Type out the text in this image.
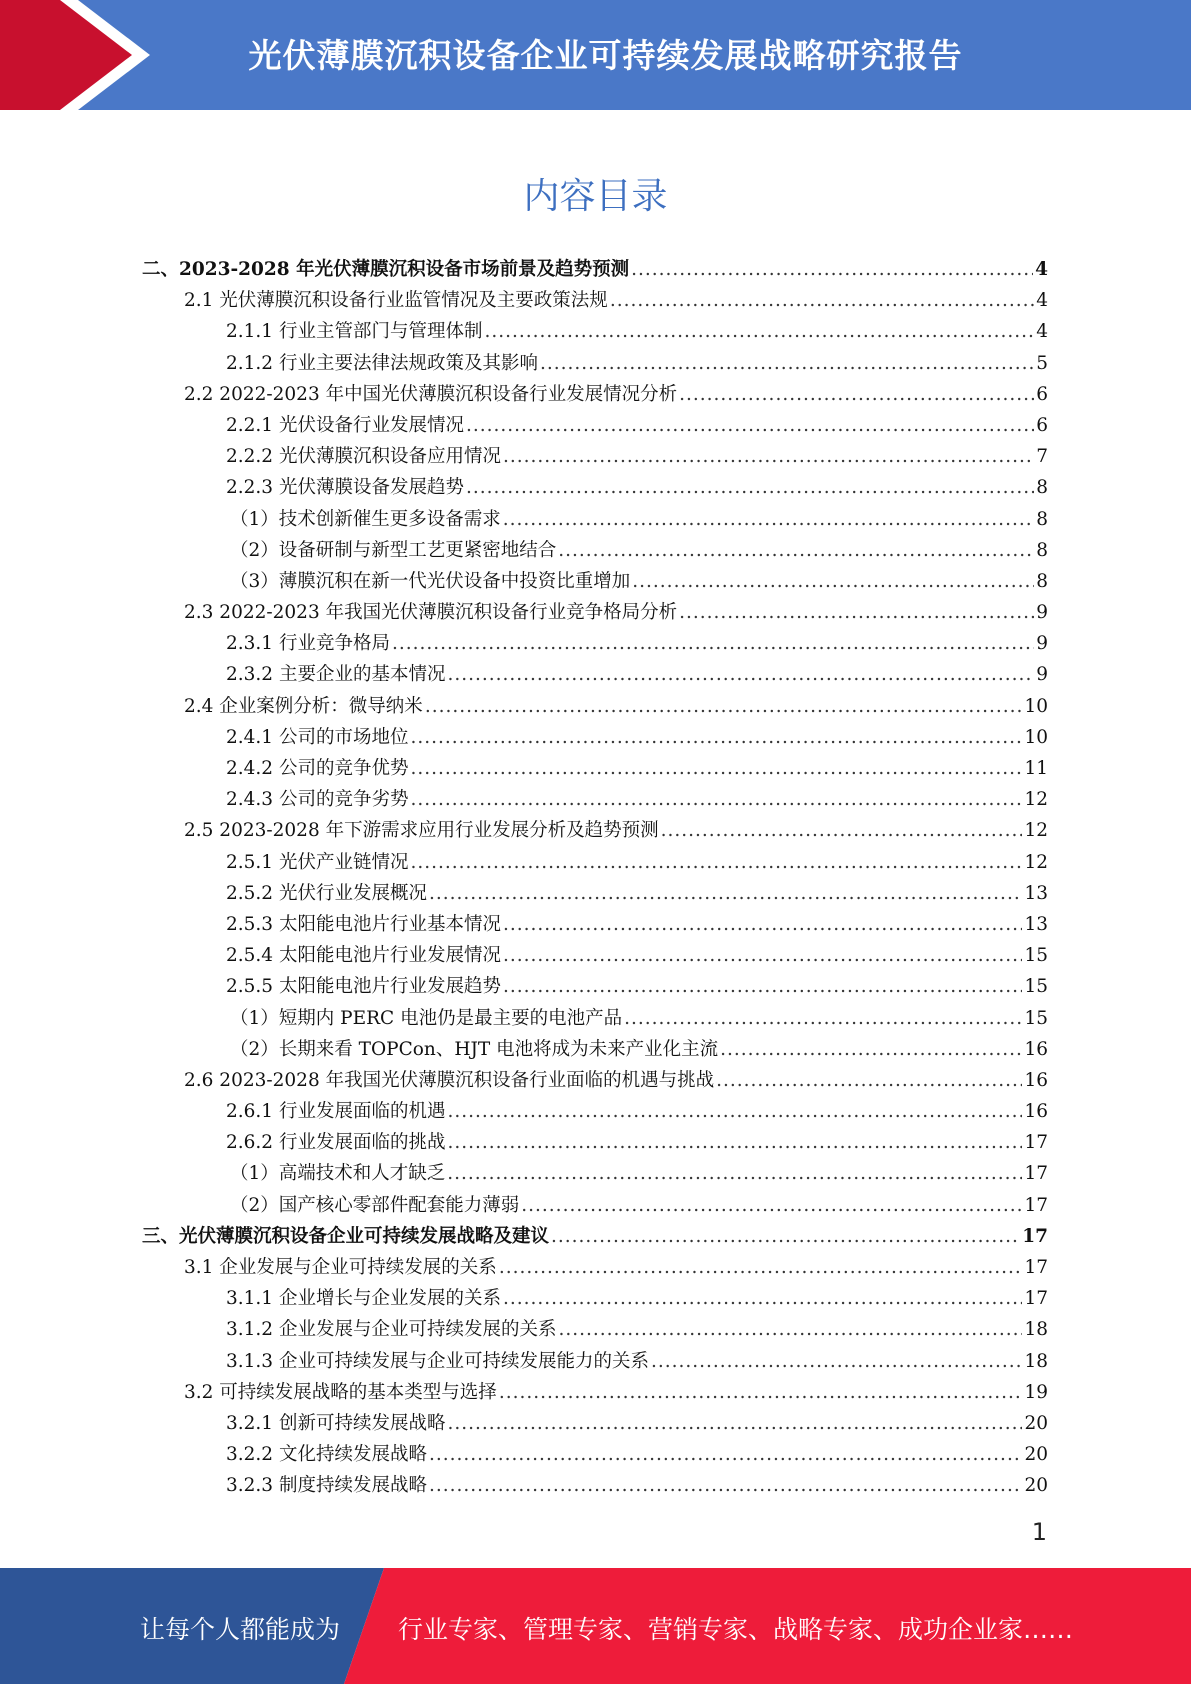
光伏薄膜沉积设备企业可持续发展战略研究报告
内容目录
二、2023-2028 年光伏薄膜沉积设备市场前景及趋势预测 .....	4
2.1 光伏薄膜沉积设备行业监管情况及主要政策法规 .....	4
2.1.1 行业主管部门与管理体制 .....	4
2.1.2 行业主要法律法规政策及其影响 .....	5
2.2 2022-2023 年中国光伏薄膜沉积设备行业发展情况分析 .....	6
2.2.1 光伏设备行业发展情况 .....	6
2.2.2 光伏薄膜沉积设备应用情况 .....	7
2.2.3 光伏薄膜设备发展趋势 .....	8
（1）技术创新催生更多设备需求 .....	8
（2）设备研制与新型工艺更紧密地结合 .....	8
（3）薄膜沉积在新一代光伏设备中投资比重增加 .....	8
2.3 2022-2023 年我国光伏薄膜沉积设备行业竞争格局分析 .....	9
2.3.1 行业竞争格局 .....	9
2.3.2 主要企业的基本情况 .....	9
2.4 企业案例分析：微导纳米 .....	10
2.4.1 公司的市场地位 .....	10
2.4.2 公司的竞争优势 .....	11
2.4.3 公司的竞争劣势 .....	12
2.5 2023-2028 年下游需求应用行业发展分析及趋势预测 .....	12
2.5.1 光伏产业链情况 .....	12
2.5.2 光伏行业发展概况 .....	13
2.5.3 太阳能电池片行业基本情况 .....	13
2.5.4 太阳能电池片行业发展情况 .....	15
2.5.5 太阳能电池片行业发展趋势 .....	15
（1）短期内 PERC 电池仍是最主要的电池产品 .....	15
（2）长期来看 TOPCon、HJT 电池将成为未来产业化主流 .....	16
2.6 2023-2028 年我国光伏薄膜沉积设备行业面临的机遇与挑战 .....	16
2.6.1 行业发展面临的机遇 .....	16
2.6.2 行业发展面临的挑战 .....	17
（1）高端技术和人才缺乏 .....	17
（2）国产核心零部件配套能力薄弱 .....	17
三、光伏薄膜沉积设备企业可持续发展战略及建议 .....	17
3.1 企业发展与企业可持续发展的关系 .....	17
3.1.1 企业增长与企业发展的关系 .....	17
3.1.2 企业发展与企业可持续发展的关系 .....	18
3.1.3 企业可持续发展与企业可持续发展能力的关系 .....	18
3.2 可持续发展战略的基本类型与选择 .....	19
3.2.1 创新可持续发展战略 .....	20
3.2.2 文化持续发展战略 .....	20
3.2.3 制度持续发展战略 .....	20
1
让每个人都能成为 行业专家、管理专家、营销专家、战略专家、成功企业家……
